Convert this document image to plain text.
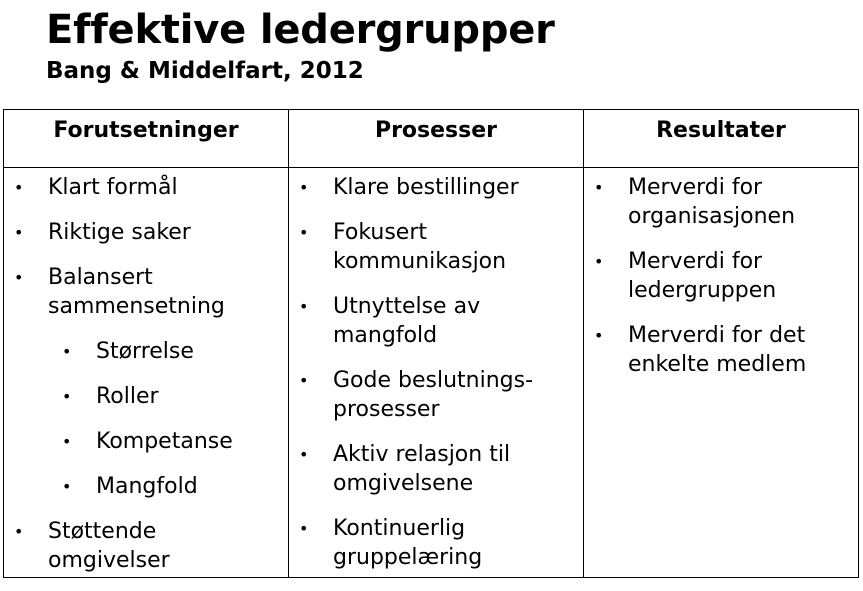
Effektive ledergrupper
Bang & Middelfart, 2012
Forutsetninger
• Klart formål
• Riktige saker
• Balansert sammensetning
• Størrelse
• Roller
• Kompetanse
• Mangfold
• Støttende omgivelser
Prosesser
• Klare bestillinger
• Fokusert kommunikasjon
• Utnyttelse av mangfold
• Gode beslutnings-prosesser
• Aktiv relasjon til omgivelsene
• Kontinuerlig gruppelæring
Resultater
• Merverdi for organisasjonen
• Merverdi for ledergruppen
• Merverdi for det enkelte medlem
